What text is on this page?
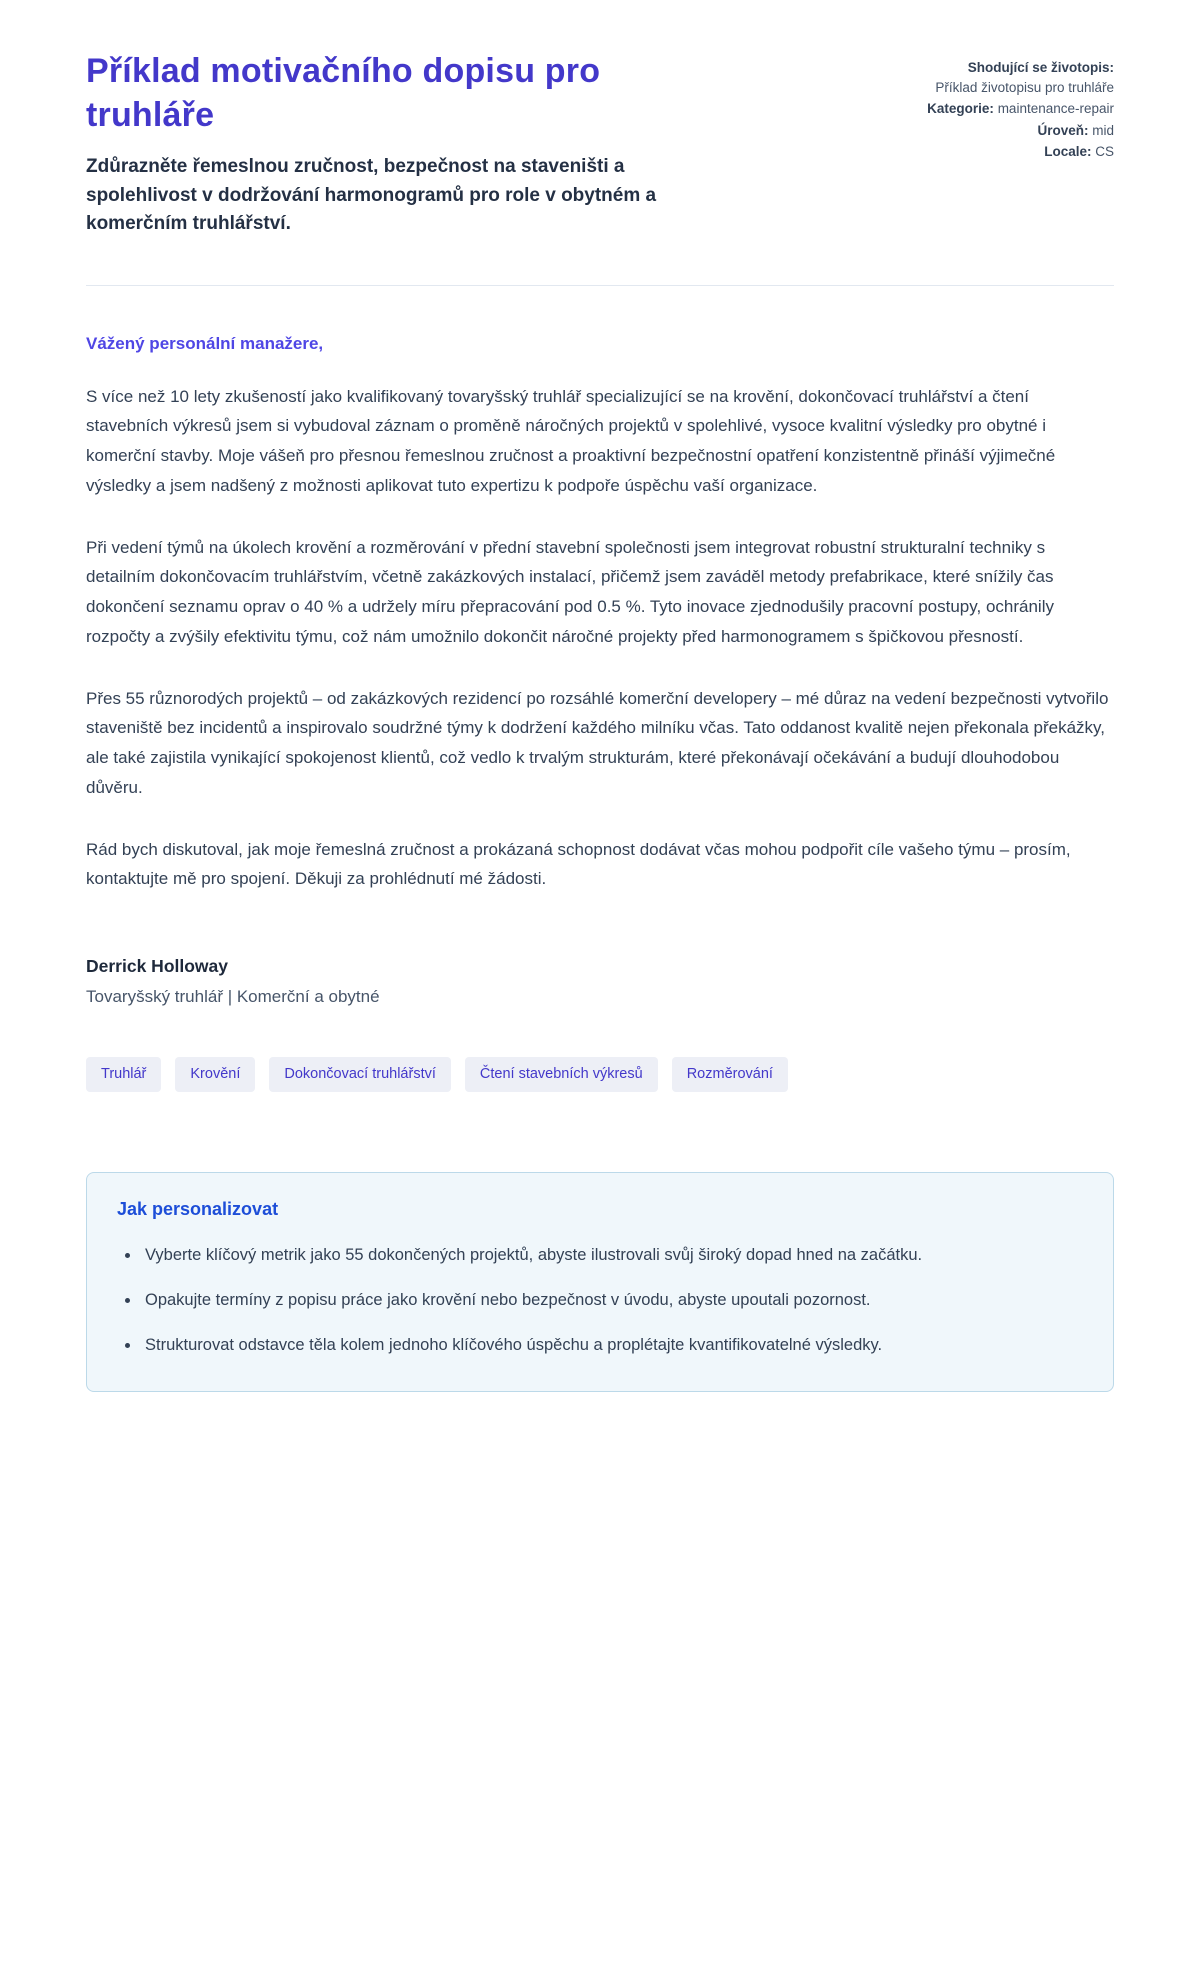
Příklad motivačního dopisu pro truhláře

Zdůrazněte řemeslnou zručnost, bezpečnost na staveništi a spolehlivost v dodržování harmonogramů pro role v obytném a komerčním truhlářství.

Shodující se životopis: Příklad životopisu pro truhláře
Kategorie: maintenance-repair
Úroveň: mid
Locale: CS

Vážený personální manažere,

S více než 10 lety zkušeností jako kvalifikovaný tovaryšský truhlář specializující se na krovění, dokončovací truhlářství a čtení stavebních výkresů jsem si vybudoval záznam o proměně náročných projektů v spolehlivé, vysoce kvalitní výsledky pro obytné i komerční stavby. Moje vášeň pro přesnou řemeslnou zručnost a proaktivní bezpečnostní opatření konzistentně přináší výjimečné výsledky a jsem nadšený z možnosti aplikovat tuto expertizu k podpoře úspěchu vaší organizace.

Při vedení týmů na úkolech krovění a rozměrování v přední stavební společnosti jsem integrovat robustní strukturalní techniky s detailním dokončovacím truhlářstvím, včetně zakázkových instalací, přičemž jsem zaváděl metody prefabrikace, které snížily čas dokončení seznamu oprav o 40 % a udržely míru přepracování pod 0.5 %. Tyto inovace zjednodušily pracovní postupy, ochránily rozpočty a zvýšily efektivitu týmu, což nám umožnilo dokončit náročné projekty před harmonogramem s špičkovou přesností.

Přes 55 různorodých projektů – od zakázkových rezidencí po rozsáhlé komerční developery – mé důraz na vedení bezpečnosti vytvořilo staveniště bez incidentů a inspirovalo soudržné týmy k dodržení každého milníku včas. Tato oddanost kvalitě nejen překonala překážky, ale také zajistila vynikající spokojenost klientů, což vedlo k trvalým strukturám, které překonávají očekávání a budují dlouhodobou důvěru.

Rád bych diskutoval, jak moje řemeslná zručnost a prokázaná schopnost dodávat včas mohou podpořit cíle vašeho týmu – prosím, kontaktujte mě pro spojení. Děkuji za prohlédnutí mé žádosti.

Derrick Holloway

Tovaryšský truhlář | Komerční a obytné

Truhlář	Krovění	Dokončovací truhlářství	Čtení stavebních výkresů	Rozměrování
Jak personalizovat
• Vyberte klíčový metrik jako 55 dokončených projektů, abyste ilustrovali svůj široký dopad hned na začátku.
• Opakujte termíny z popisu práce jako krovění nebo bezpečnost v úvodu, abyste upoutali pozornost.
• Strukturovat odstavce těla kolem jednoho klíčového úspěchu a proplétajte kvantifikovatelné výsledky.
